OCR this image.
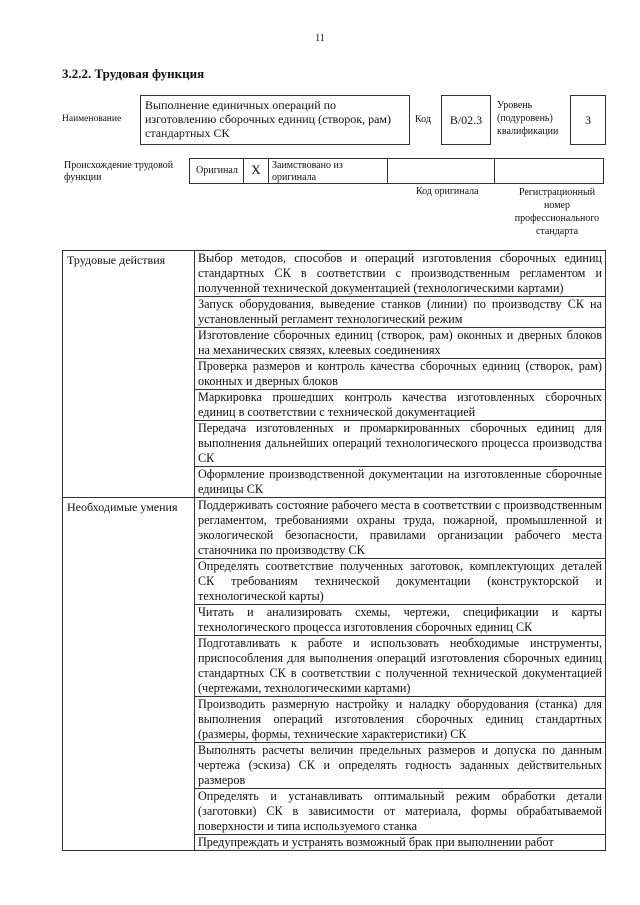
11
3.2.2. Трудовая функция
Наименование
Выполнение единичных операций по изготовлению сборочных единиц (створок, рам) стандартных СК
Код	B/02.3
Уровень (подуровень) квалификации
3
Происхождение трудовой функции
Оригинал	X	Заимствовано из оригинала
Код оригинала	Регистрационный номер профессионального стандарта
Трудовые действия	Выбор методов, способов и операций изготовления сборочных единиц стандартных СК в соответствии с производственным регламентом и полученной технической документацией (технологическими картами)
Запуск оборудования, выведение станков (линии) по производству СК на установленный регламент технологический режим
Изготовление сборочных единиц (створок, рам) оконных и дверных блоков на механических связях, клеевых соединениях
Проверка размеров и контроль качества сборочных единиц (створок, рам) оконных и дверных блоков
Маркировка прошедших контроль качества изготовленных сборочных единиц в соответствии с технической документацией
Передача изготовленных и промаркированных сборочных единиц для выполнения дальнейших операций технологического процесса производства СК
Оформление производственной документации на изготовленные сборочные единицы СК
Необходимые умения	Поддерживать состояние рабочего места в соответствии с производственным регламентом, требованиями охраны труда, пожарной, промышленной и экологической безопасности, правилами организации рабочего места станочника по производству СК
Определять соответствие полученных заготовок, комплектующих деталей СК требованиям технической документации (конструкторской и технологической карты)
Читать и анализировать схемы, чертежи, спецификации и карты технологического процесса изготовления сборочных единиц СК
Подготавливать к работе и использовать необходимые инструменты, приспособления для выполнения операций изготовления сборочных единиц стандартных СК в соответствии с полученной технической документацией (чертежами, технологическими картами)
Производить размерную настройку и наладку оборудования (станка) для выполнения операций изготовления сборочных единиц стандартных (размеры, формы, технические характеристики) СК
Выполнять расчеты величин предельных размеров и допуска по данным чертежа (эскиза) СК и определять годность заданных действительных размеров
Определять и устанавливать оптимальный режим обработки детали (заготовки) СК в зависимости от материала, формы обрабатываемой поверхности и типа используемого станка
Предупреждать и устранять возможный брак при выполнении работ
